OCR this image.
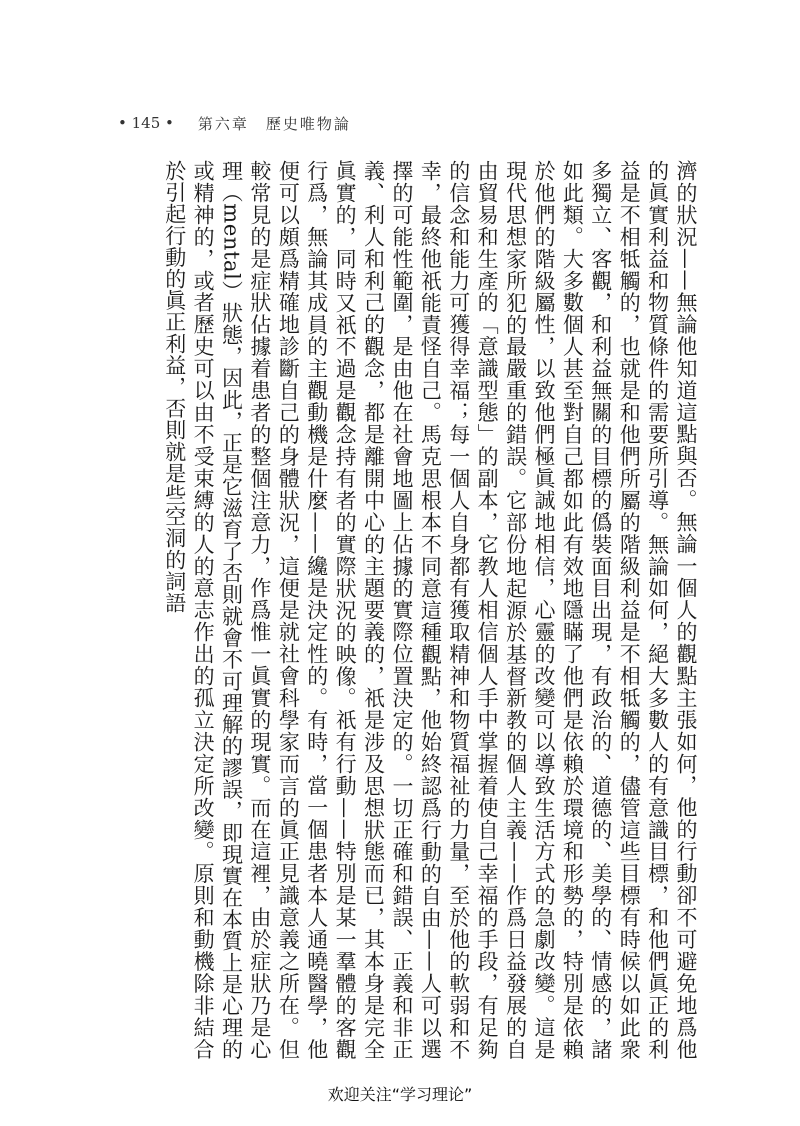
• 145 • 第六章　歷史唯物論
濟的狀況——無論他知道這點與否。無論一個人的觀點主張如何，他的行動卻不可避免地爲他的眞實利益和物質條件的需要所引導。無論如何，絕大多數人的有意識目標，和他們眞正的利益是不相牴觸的，也就是和他們所屬的階級利益是不相牴觸的，儘管這些目標有時候以如此衆多獨立、客觀，和利益無關的目標的僞裝面目出現，有政治的、道德的、美學的、情感的，諸如此類。大多數個人甚至對自己都如此有效地隱瞞了他們是依賴於環境和形勢的，特別是依賴於他們的階級屬性，以致他們極眞誠地相信，心靈的改變可以導致生活方式的急劇改變。這是現代思想家所犯的最嚴重的錯誤。它部份地起源於基督新教的個人主義——作爲日益發展的自由貿易和生產的「意識型態」的副本，它教人相信個人手中掌握着使自己幸福的手段，有足夠的信念和能力可獲得幸福；每一個人自身都有獲取精神和物質福祉的力量，至於他的軟弱和不幸，最終他祇能責怪自己。馬克思根本不同意這種觀點，他始終認爲行動的自由——人可以選擇的可能性範圍，是由他在社會地圖上佔據的實際位置決定的。一切正確和錯誤、正義和非正義、利人和利己的觀念，都是離開中心的主題要義的，祇是涉及思想狀態而已，其本身是完全眞實的，同時又祇不過是觀念持有者的實際狀況的映像。祇有行動——特別是某一羣體的客觀行爲，無論其成員的主觀動機是什麼——纔是決定性的。有時，當一個患者本人通曉醫學，他便可以頗爲精確地診斷自己的身體狀況，這便是就社會科學家而言的眞正見識意義之所在。但較常見的是症狀佔據着患者的整個注意力，作爲惟一眞實的現實。而在這裡，由於症狀乃是心理（mental）狀態，因此，正是它滋育了否則就會不可理解的謬誤，即現實在本質上是心理的或精神的，或者歷史可以由不受束縛的人的意志作出的孤立決定所改變。原則和動機除非結合於引起行動的眞正利益，否則就是些空洞的詞語
欢迎关注“学习理论”
